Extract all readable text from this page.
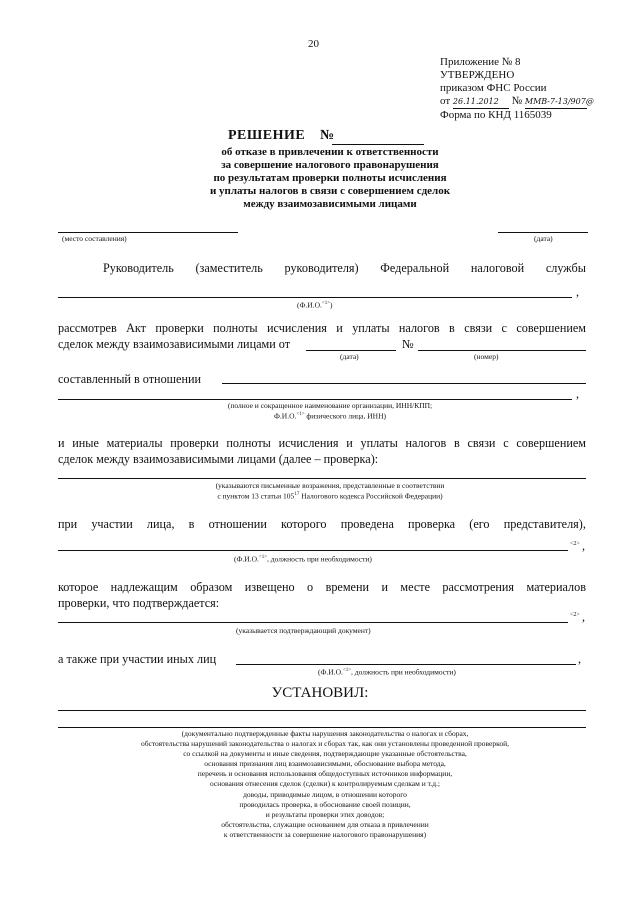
20
Приложение № 8
УТВЕРЖДЕНО
приказом ФНС России
от 26.11.2012 № ММВ-7-13/907@
Форма по КНД 1165039
РЕШЕНИЕ №
об отказе в привлечении к ответственности
за совершение налогового правонарушения
по результатам проверки полноты исчисления
и уплаты налогов в связи с совершением сделок
между взаимозависимыми лицами
(место составления)	(дата)
Руководитель (заместитель руководителя) Федеральной налоговой службы
,
(Ф.И.О.$^{<1>}$)
рассмотрев Акт проверки полноты исчисления и уплаты налогов в связи с совершением
сделок между взаимозависимыми лицами от	№
(дата)	(номер)
составленный в отношении
,
(полное и сокращенное наименование организации, ИНН/КПП;
Ф.И.О.$^{<1>}$ физического лица, ИНН)
и иные материалы проверки полноты исчисления и уплаты налогов в связи с совершением
сделок между взаимозависимыми лицами (далее – проверка):
(указываются письменные возражения, представленные в соответствии
с пунктом 13 статьи $105^{17}$ Налогового кодекса Российской Федерации)
при участии лица, в отношении которого проведена проверка (его представителя),
<2> ,
(Ф.И.О.$^{<1>}$, должность при необходимости)
которое надлежащим образом извещено о времени и месте рассмотрения материалов
проверки, что подтверждается:
<2> ,
(указывается подтверждающий документ)
а также при участии иных лиц	,
(Ф.И.О.$^{<1>}$, должность при необходимости)
УСТАНОВИЛ:
(документально подтвержденные факты нарушения законодательства о налогах и сборах,
обстоятельства нарушений законодательства о налогах и сборах так, как они установлены проведенной проверкой,
со ссылкой на документы и иные сведения, подтверждающие указанные обстоятельства,
основания признания лиц взаимозависимыми, обоснование выбора метода,
перечень и основания использования общедоступных источников информации,
основания отнесения сделок (сделки) к контролируемым сделкам и т.д.;
доводы, приводимые лицом, в отношении которого
проводилась проверка, в обоснование своей позиции,
и результаты проверки этих доводов;
обстоятельства, служащие основанием для отказа в привлечении
к ответственности за совершение налогового правонарушения)
